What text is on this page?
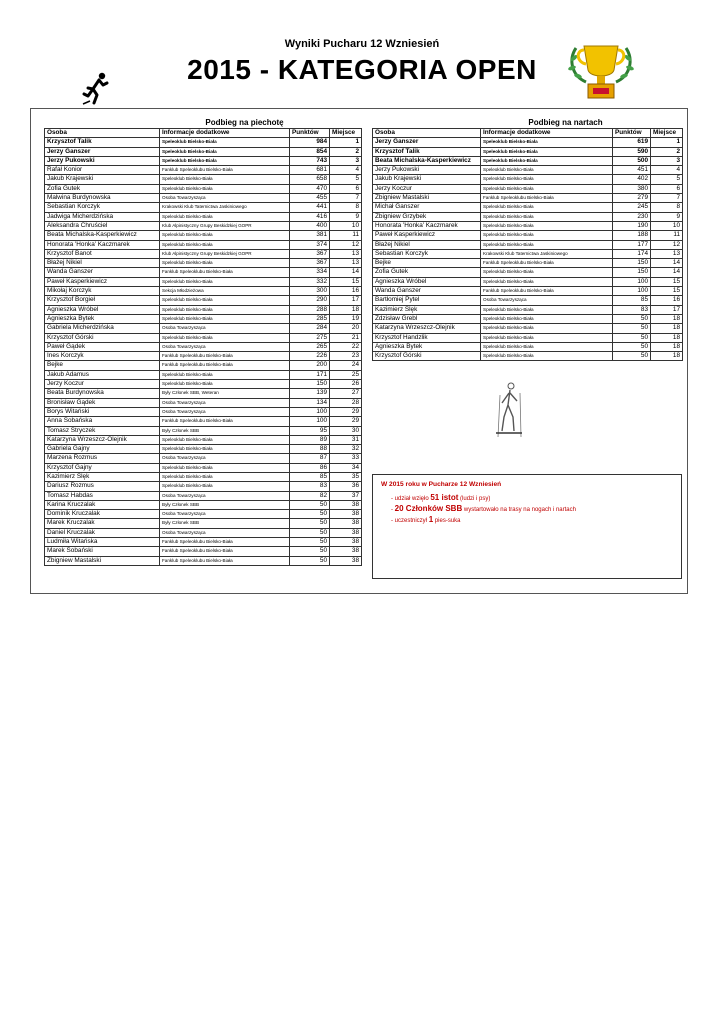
Wyniki Pucharu 12 Wzniesień
2015 - KATEGORIA OPEN
	Podbieg na piechotę		
Osoba	Informacje dodatkowe	Punktów	Miejsce
Krzysztof Talik	Speleoklub Bielsko-Biała	984	1
Jerzy Ganszer	Speleoklub Bielsko-Biała	854	2
Jerzy Pukowski	Speleoklub Bielsko-Biała	743	3
Rafał Konior	Fanklub Speleoklubu Bielsko-Biała	681	4
Jakub Krajewski	Speleoklub Bielsko-Biała	658	5
Zofia Gutek	Speleoklub Bielsko-Biała	470	6
Malwina Burdynowska	Osoba Towarzysząca	455	7
Sebastian Korczyk	Krakowski Klub Taternictwa Jaskiniowego	441	8
Jadwiga Micherdzińska	Speleoklub Bielsko-Biała	416	9
Aleksandra Chruściel	Klub Alpinistyczny Grupy Beskidzkiej GOPR	400	10
Beata Michalska-Kasperkiewicz	Speleoklub Bielsko-Biała	381	11
Honorata 'Honka' Kaczmarek	Speleoklub Bielsko-Biała	374	12
Krzysztof Banot	Klub Alpinistyczny Grupy Beskidzkiej GOPR	367	13
Błażej Nikiel	Speleoklub Bielsko-Biała	367	13
Wanda Ganszer	Fanklub Speleoklubu Bielsko-Biała	334	14
Paweł Kasperkiewicz	Speleoklub Bielsko-Biała	332	15
Mikołaj Korczyk	Sekcja Młodzieżowa	300	16
Krzysztof Borgieł	Speleoklub Bielsko-Biała	290	17
Agnieszka Wróbel	Speleoklub Bielsko-Biała	288	18
Agnieszka Bytek	Speleoklub Bielsko-Biała	285	19
Gabriela Micherdzińska	Osoba Towarzysząca	284	20
Krzysztof Górski	Speleoklub Bielsko-Biała	275	21
Paweł Gądek	Osoba Towarzysząca	265	22
Ines Korczyk	Fanklub Speleoklubu Bielsko-Biała	226	23
Bejke	Fanklub Speleoklubu Bielsko-Biała	200	24
Jakub Adamus	Speleoklub Bielsko-Biała	171	25
Jerzy Koczur	Speleoklub Bielsko-Biała	150	26
Beata Burdynowska	Były Członek SBB, Weteran	139	27
Bronisław Gądek	Osoba Towarzysząca	134	28
Borys Witański	Osoba Towarzysząca	100	29
Anna Sobańska	Fanklub Speleoklubu Bielsko-Biała	100	29
Tomasz Stryczek	Były Członek SBB	95	30
Katarzyna Wrzeszcz-Olejnik	Speleoklub Bielsko-Biała	89	31
Gabriela Gajny	Speleoklub Bielsko-Biała	88	32
Marzena Rozmus	Osoba Towarzysząca	87	33
Krzysztof Gajny	Speleoklub Bielsko-Biała	86	34
Kazimierz Ślęk	Speleoklub Bielsko-Biała	85	35
Dariusz Rozmus	Speleoklub Bielsko-Biała	83	36
Tomasz Habdas	Osoba Towarzysząca	82	37
Karina Kruczalak	Były Członek SBB	50	38
Dominik Kruczalak	Osoba Towarzysząca	50	38
Marek Kruczalak	Były Członek SBB	50	38
Daniel Kruczalak	Osoba Towarzysząca	50	38
Ludmiła Witańska	Fanklub Speleoklubu Bielsko-Biała	50	38
Marek Sobański	Fanklub Speleoklubu Bielsko-Biała	50	38
Zbigniew Mastalski	Fanklub Speleoklubu Bielsko-Biała	50	38
	Podbieg na nartach		
Osoba	Informacje dodatkowe	Punktów	Miejsce
Jerzy Ganszer	Speleoklub Bielsko-Biała	619	1
Krzysztof Talik	Speleoklub Bielsko-Biała	590	2
Beata Michalska-Kasperkiewicz	Speleoklub Bielsko-Biała	500	3
Jerzy Pukowski	Speleoklub Bielsko-Biała	451	4
Jakub Krajewski	Speleoklub Bielsko-Biała	402	5
Jerzy Koczur	Speleoklub Bielsko-Biała	380	6
Zbigniew Mastalski	Fanklub Speleoklubu Bielsko-Biała	279	7
Michał Ganszer	Speleoklub Bielsko-Biała	245	8
Zbigniew Grzybek	Speleoklub Bielsko-Biała	230	9
Honorata 'Honka' Kaczmarek	Speleoklub Bielsko-Biała	190	10
Paweł Kasperkiewicz	Speleoklub Bielsko-Biała	188	11
Błażej Nikiel	Speleoklub Bielsko-Biała	177	12
Sebastian Korczyk	Krakowski Klub Taternictwa Jaskiniowego	174	13
Bejke	Fanklub Speleoklubu Bielsko-Biała	150	14
Zofia Gutek	Speleoklub Bielsko-Biała	150	14
Agnieszka Wróbel	Speleoklub Bielsko-Biała	100	15
Wanda Ganszer	Fanklub Speleoklubu Bielsko-Biała	100	15
Bartłomiej Pytel	Osoba Towarzysząca	85	16
Kazimierz Ślęk	Speleoklub Bielsko-Biała	83	17
Zdzisław Grebl	Speleoklub Bielsko-Biała	50	18
Katarzyna Wrzeszcz-Olejnik	Speleoklub Bielsko-Biała	50	18
Krzysztof Handzlik	Speleoklub Bielsko-Biała	50	18
Agnieszka Bytek	Speleoklub Bielsko-Biała	50	18
Krzysztof Górski	Speleoklub Bielsko-Biała	50	18
W 2015 roku w Pucharze 12 Wzniesień
- udział wzięło 51 istot (ludzi i psy)
- 20 Członków SBB wystartowało na trasy na nogach i nartach
- uczestniczył 1 pies-suka
